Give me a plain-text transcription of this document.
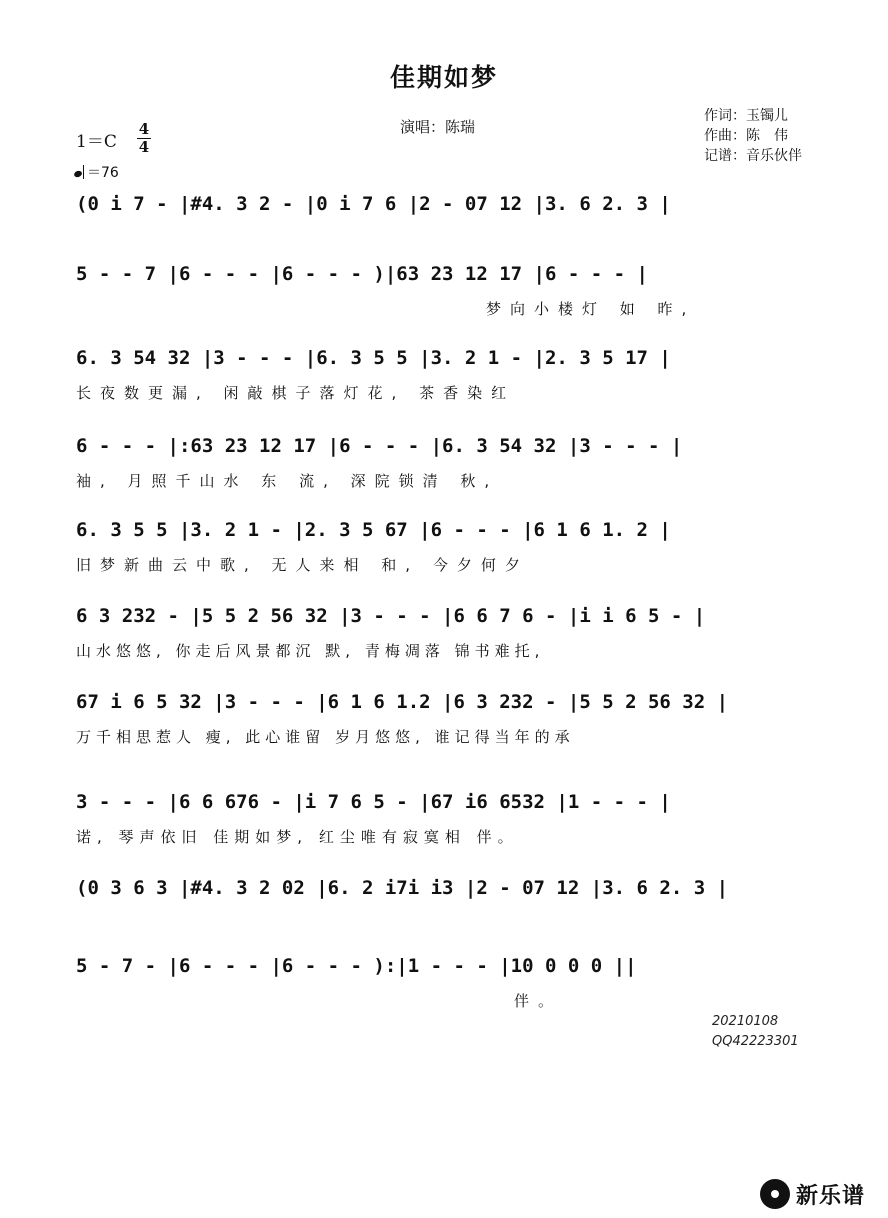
佳期如梦
演唱：陈瑞
作词：玉镯儿
作曲：陈　伟
记谱：音乐伙伴
1＝C
4
4
＝76
(0 i 7 - |#4. 3 2 - |0 i 7 6 |2 - 07 12 |3. 6 2. 3 |
5 - - 7 |6 - - - |6 - - - )|63 23 12 17 |6 - - - |
梦向小楼灯 如 昨,
6. 3 54 32 |3 - - - |6. 3 5 5 |3. 2 1 - |2. 3 5 17 |
长夜数更漏, 闲敲棋子落灯花, 茶香染红
6 - - - |:63 23 12 17 |6 - - - |6. 3 54 32 |3 - - - |
袖, 月照千山水 东 流, 深院锁清 秋,
6. 3 5 5 |3. 2 1 - |2. 3 5 67 |6 - - - |6 1 6 1. 2 |
旧梦新曲云中歌, 无人来相 和, 今夕何夕
6 3 232 - |5 5 2 56 32 |3 - - - |6 6 7 6 - |i i 6 5 - |
山水悠悠, 你走后风景都沉 默, 青梅凋落 锦书难托,
67 i 6 5 32 |3 - - - |6 1 6 1.2 |6 3 232 - |5 5 2 56 32 |
万千相思惹人 瘦, 此心谁留 岁月悠悠, 谁记得当年的承
3 - - - |6 6 676 - |i 7 6 5 - |67 i6 6532 |1 - - - |
诺, 琴声依旧 佳期如梦, 红尘唯有寂寞相 伴。
(0 3 6 3 |#4. 3 2 02 |6. 2 i7i i3 |2 - 07 12 |3. 6 2. 3 |
5 - 7 - |6 - - - |6 - - - ):|1 - - - |10 0 0 0 ||
伴。
20210108
QQ42223301
新乐谱
